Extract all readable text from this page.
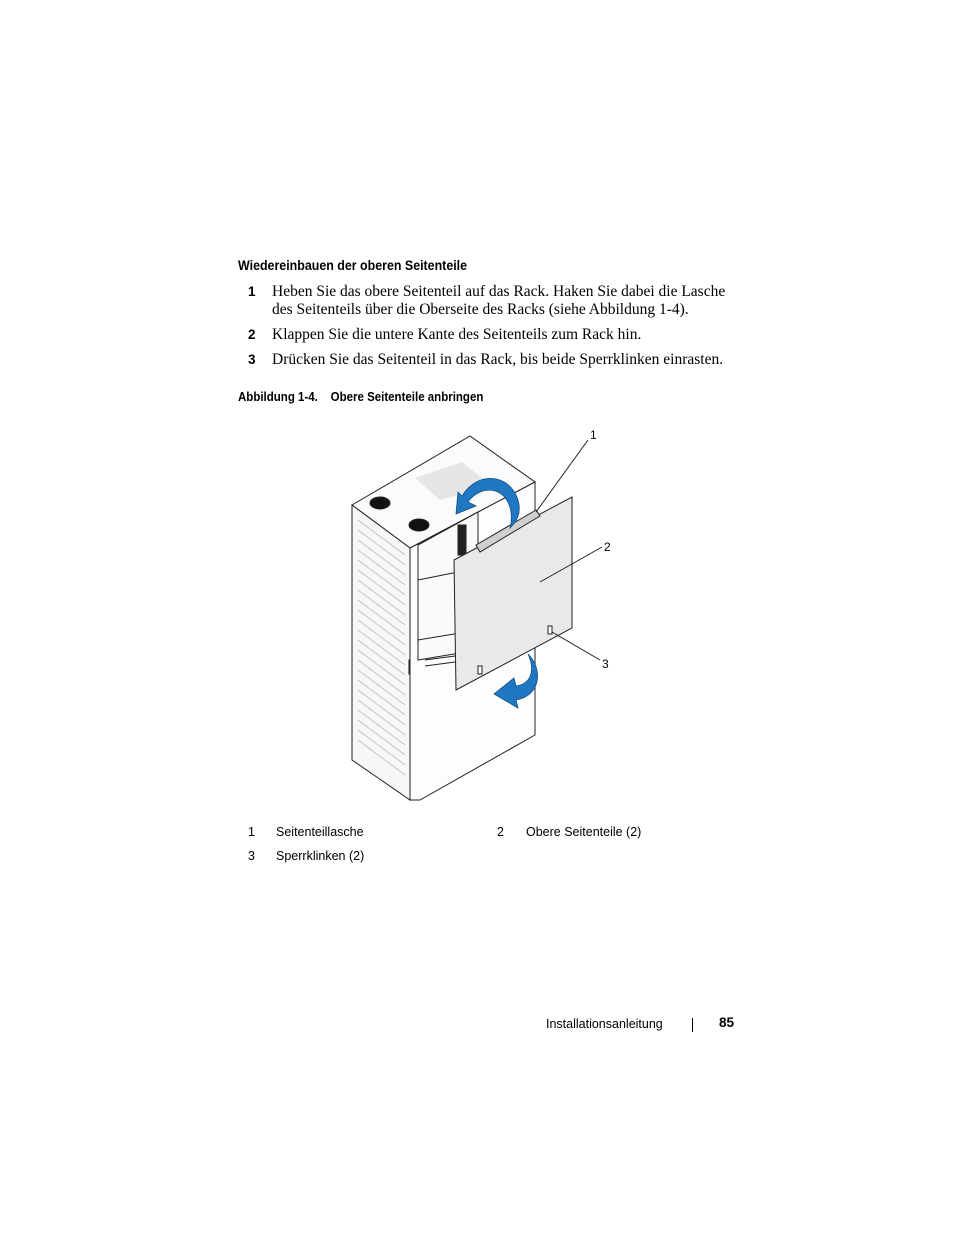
Wiedereinbauen der oberen Seitenteile
1 Heben Sie das obere Seitenteil auf das Rack. Haken Sie dabei die Lasche des Seitenteils über die Oberseite des Racks (siehe Abbildung 1-4).
2 Klappen Sie die untere Kante des Seitenteils zum Rack hin.
3 Drücken Sie das Seitenteil in das Rack, bis beide Sperrklinken einrasten.
Abbildung 1-4.    Obere Seitenteile anbringen
1
2
3
1 Seitenteillasche	2 Obere Seitenteile (2)
3 Sperrklinken (2)
Installationsanleitung	85
